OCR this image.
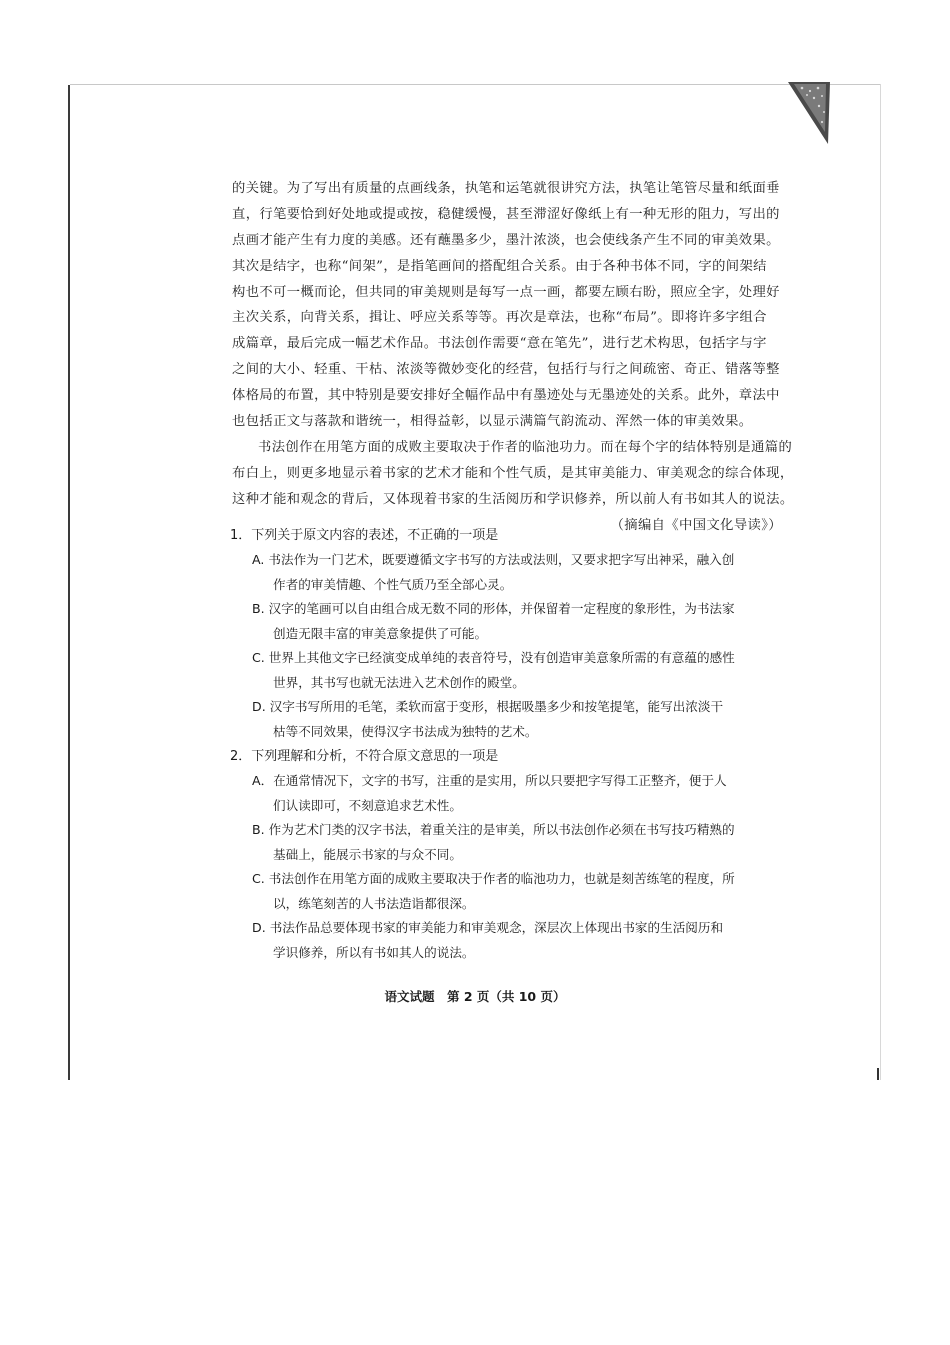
的关键。为了写出有质量的点画线条，执笔和运笔就很讲究方法，执笔让笔管尽量和纸面垂
直，行笔要恰到好处地或提或按，稳健缓慢，甚至滞涩好像纸上有一种无形的阻力，写出的
点画才能产生有力度的美感。还有蘸墨多少，墨汁浓淡，也会使线条产生不同的审美效果。
其次是结字，也称“间架”，是指笔画间的搭配组合关系。由于各种书体不同，字的间架结
构也不可一概而论，但共同的审美规则是每写一点一画，都要左顾右盼，照应全字，处理好
主次关系，向背关系，揖让、呼应关系等等。再次是章法，也称“布局”。即将许多字组合
成篇章，最后完成一幅艺术作品。书法创作需要“意在笔先”，进行艺术构思，包括字与字
之间的大小、轻重、干枯、浓淡等微妙变化的经营，包括行与行之间疏密、奇正、错落等整
体格局的布置，其中特别是要安排好全幅作品中有墨迹处与无墨迹处的关系。此外，章法中
也包括正文与落款和谐统一，相得益彰，以显示满篇气韵流动、浑然一体的审美效果。
书法创作在用笔方面的成败主要取决于作者的临池功力。而在每个字的结体特别是通篇的
布白上，则更多地显示着书家的艺术才能和个性气质，是其审美能力、审美观念的综合体现，
这种才能和观念的背后，又体现着书家的生活阅历和学识修养，所以前人有书如其人的说法。
（摘编自《中国文化导读》）
1．下列关于原文内容的表述，不正确的一项是
A. 书法作为一门艺术，既要遵循文字书写的方法或法则，又要求把字写出神采，融入创
作者的审美情趣、个性气质乃至全部心灵。
B. 汉字的笔画可以自由组合成无数不同的形体，并保留着一定程度的象形性，为书法家
创造无限丰富的审美意象提供了可能。
C. 世界上其他文字已经演变成单纯的表音符号，没有创造审美意象所需的有意蕴的感性
世界，其书写也就无法进入艺术创作的殿堂。
D. 汉字书写所用的毛笔，柔软而富于变形，根据吸墨多少和按笔提笔，能写出浓淡干
枯等不同效果，使得汉字书法成为独特的艺术。
2．下列理解和分析，不符合原文意思的一项是
A．在通常情况下，文字的书写，注重的是实用，所以只要把字写得工正整齐，便于人
们认读即可，不刻意追求艺术性。
B. 作为艺术门类的汉字书法，着重关注的是审美，所以书法创作必须在书写技巧精熟的
基础上，能展示书家的与众不同。
C. 书法创作在用笔方面的成败主要取决于作者的临池功力，也就是刻苦练笔的程度，所
以，练笔刻苦的人书法造诣都很深。
D. 书法作品总要体现书家的审美能力和审美观念，深层次上体现出书家的生活阅历和
学识修养，所以有书如其人的说法。
语文试题　第 2 页（共 10 页）
